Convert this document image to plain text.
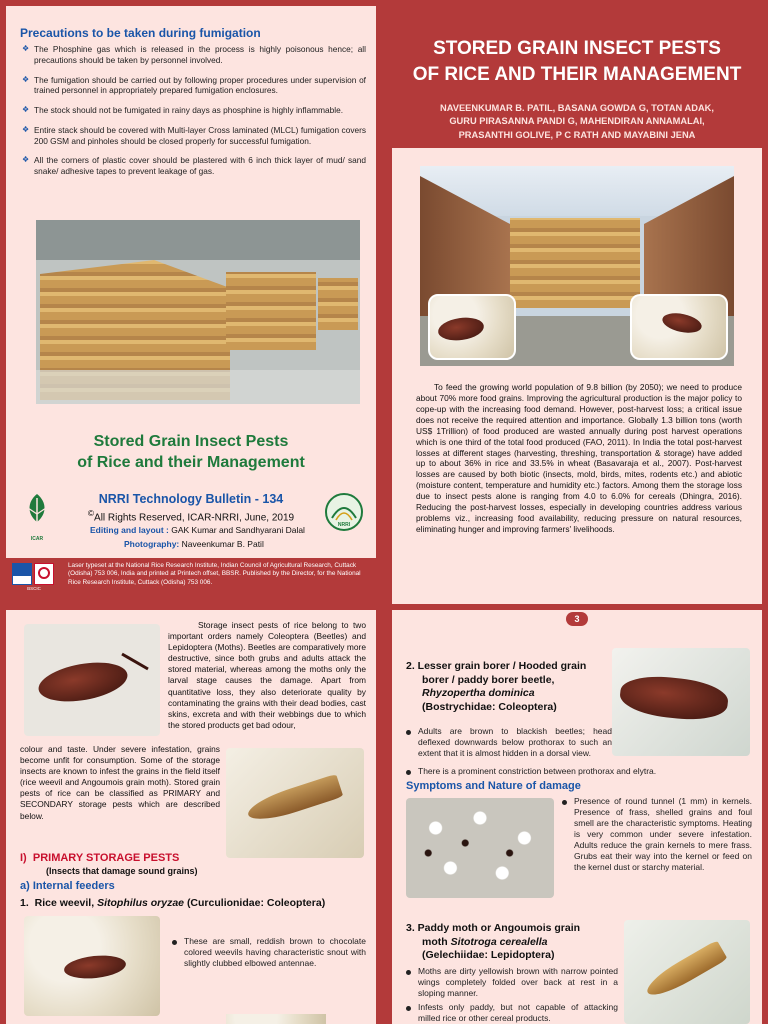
Precautions to be taken during fumigation

❖ The Phosphine gas which is released in the process is highly poisonous hence; all precautions should be taken by personnel involved.

❖ The fumigation should be carried out by following proper procedures under supervision of trained personnel in appropriately prepared fumigation enclosures.

❖ The stock should not be fumigated in rainy days as phosphine is highly inflammable.

❖ Entire stack should be covered with Multi-layer Cross laminated (MLCL) fumigation covers 200 GSM and pinholes should be closed properly for successful fumigation.

❖ All the corners of plastic cover should be plastered with 6 inch thick layer of mud/ sand snake/ adhesive tapes to prevent leakage of gas.

Stored Grain Insect Pests
of Rice and their Management
ICAR
NRRI
NRRI Technology Bulletin - 134
©All Rights Reserved, ICAR-NRRI, June, 2019
Editing and layout : GAK Kumar and Sandhyarani Dalal
Photography: Naveenkumar B. Patil
BSCIC
Laser typeset at the National Rice Research Institute, Indian Council of Agricultural Research, Cuttack (Odisha) 753 006, India and printed at Printech offset, BBSR. Published by the Director, for the National Rice Research Institute, Cuttack (Odisha) 753 006.
STORED GRAIN INSECT PESTS
OF RICE AND THEIR MANAGEMENT
NAVEENKUMAR B. PATIL, BASANA GOWDA G, TOTAN ADAK,
GURU PIRASANNA PANDI G, MAHENDIRAN ANNAMALAI,
PRASANTHI GOLIVE, P C RATH AND MAYABINI JENA

To feed the growing world population of 9.8 billion (by 2050); we need to produce about 70% more food grains. Improving the agricultural production is the major policy to cope-up with the increasing food demand. However, post-harvest loss; a critical issue does not receive the required attention and importance. Globally 1.3 billion tons (worth US$ 1Trillion) of food produced are wasted annually during post harvest operations which is one third of the total food produced (FAO, 2011). In India the total post-harvest losses at different stages (harvesting, threshing, transportation & storage) have added up to about 36% in rice and 33.5% in wheat (Basavaraja et al., 2007). Post-harvest losses are caused by both biotic (insects, mold, birds, mites, rodents etc.) and abiotic (moisture content, temperature and humidity etc.) factors. Among them the storage loss due to insect pests alone is ranging from 4.0 to 6.0% for cereals (Dhingra, 2016). Reducing the post-harvest losses, especially in developing countries address various problems viz., increasing food availability, reducing pressure on natural resources, eliminating hunger and improving farmers' livelihoods.

Storage insect pests of rice belong to two important orders namely Coleoptera (Beetles) and Lepidoptera (Moths). Beetles are comparatively more destructive, since both grubs and adults attack the stored material, whereas among the moths only the larval stage causes the damage. Apart from quantitative loss, they also deteriorate quality by contaminating the grains with their dead bodies, cast skins, excreta and with their webbings due to which the stored products get bad odour,

colour and taste. Under severe infestation, grains become unfit for consumption. Some of the storage insects are known to infest the grains in the field itself (rice weevil and Angoumois grain moth). Stored grain pests of rice can be classified as PRIMARY and SECONDARY storage pests which are described below.

I) PRIMARY STORAGE PESTS
(Insects that damage sound grains)
a) Internal feeders
1. Rice weevil, Sitophilus oryzae (Curculionidae: Coleoptera)
These are small, reddish brown to chocolate colored weevils having characteristic snout with slightly clubbed elbowed antennae.
3
2. Lesser grain borer / Hooded grain
borer / paddy borer beetle,
Rhyzopertha dominica
(Bostrychidae: Coleoptera)
Adults are brown to blackish beetles; head deflexed downwards below prothorax to such an extent that it is almost hidden in a dorsal view.
There is a prominent constriction between prothorax and elytra.
Symptoms and Nature of damage
Presence of round tunnel (1 mm) in kernels. Presence of frass, shelled grains and foul smell are the characteristic symptoms. Heating is very common under severe infestation. Adults reduce the grain kernels to mere frass. Grubs eat their way into the kernel or feed on the kernel dust or starchy material.
3. Paddy moth or Angoumois grain
moth Sitotroga cerealella
(Gelechiidae: Lepidoptera)
Moths are dirty yellowish brown with narrow pointed wings completely folded over back at rest in a sloping manner.
Infests only paddy, but not capable of attacking milled rice or other cereal products.
